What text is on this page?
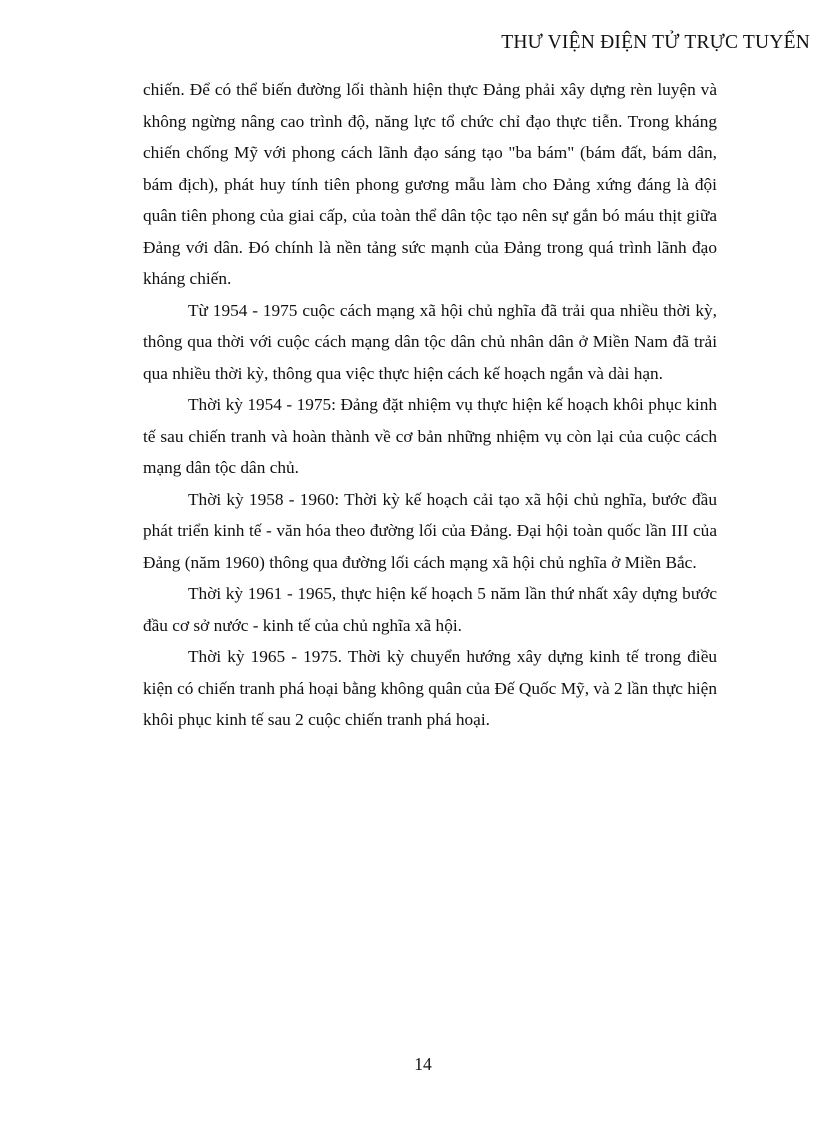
THƯ VIỆN ĐIỆN TỬ TRỰC TUYẾN

chiến. Để có thể biến đường lối thành hiện thực Đảng phải xây dựng rèn luyện và không ngừng nâng cao trình độ, năng lực tổ chức chỉ đạo thực tiễn. Trong kháng chiến chống Mỹ với phong cách lãnh đạo sáng tạo "ba bám" (bám đất, bám dân, bám địch), phát huy tính tiên phong gương mẫu làm cho Đảng xứng đáng là đội quân tiên phong của giai cấp, của toàn thể dân tộc tạo nên sự gắn bó máu thịt giữa Đảng với dân. Đó chính là nền tảng sức mạnh của Đảng trong quá trình lãnh đạo kháng chiến.

Từ 1954 - 1975 cuộc cách mạng xã hội chủ nghĩa đã trải qua nhiều thời kỳ, thông qua thời với cuộc cách mạng dân tộc dân chủ nhân dân ở Miền Nam đã trải qua nhiều thời kỳ, thông qua việc thực hiện cách kế hoạch ngắn và dài hạn.

Thời kỳ 1954 - 1975: Đảng đặt nhiệm vụ thực hiện kế hoạch khôi phục kinh tế sau chiến tranh và hoàn thành về cơ bản những nhiệm vụ còn lại của cuộc cách mạng dân tộc dân chủ.

Thời kỳ 1958 - 1960: Thời kỳ kế hoạch cải tạo xã hội chủ nghĩa, bước đầu phát triển kinh tế - văn hóa theo đường lối của Đảng. Đại hội toàn quốc lần III của Đảng (năm 1960) thông qua đường lối cách mạng xã hội chủ nghĩa ở Miền Bắc.

Thời kỳ 1961 - 1965, thực hiện kế hoạch 5 năm lần thứ nhất xây dựng bước đầu cơ sở nước - kinh tế của chủ nghĩa xã hội.

Thời kỳ 1965 - 1975. Thời kỳ chuyển hướng xây dựng kinh tế trong điều kiện có chiến tranh phá hoại bằng không quân của Đế Quốc Mỹ, và 2 lần thực hiện khôi phục kinh tế sau 2 cuộc chiến tranh phá hoại.

14
